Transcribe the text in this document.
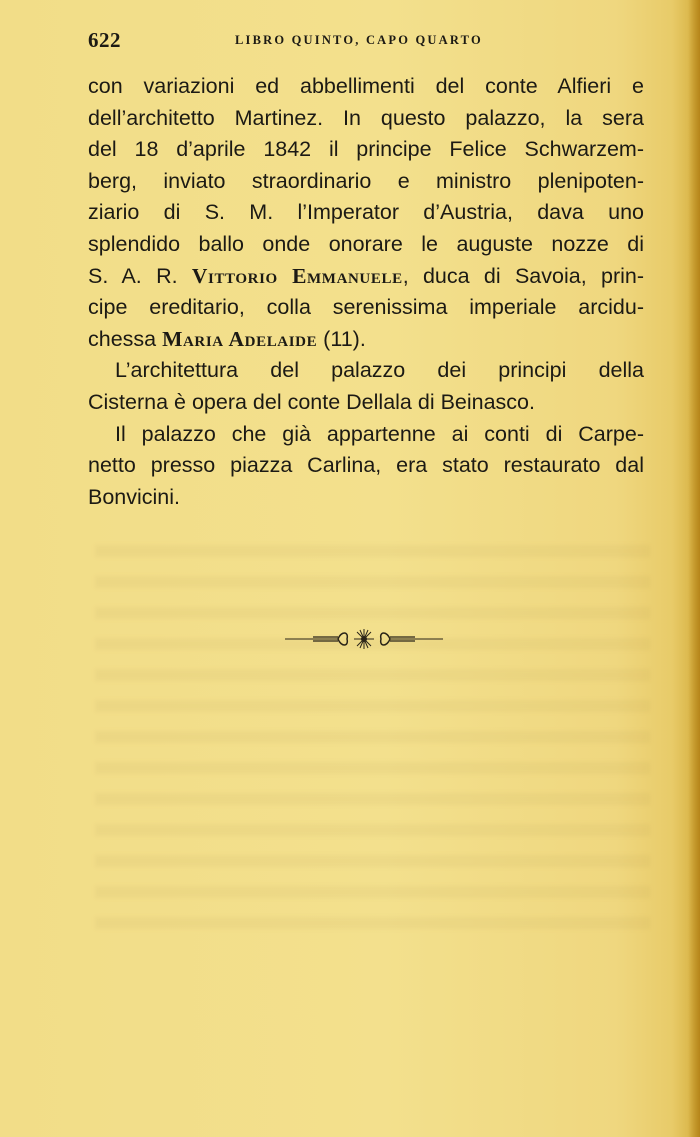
622	LIBRO QUINTO, CAPO QUARTO
con variazioni ed abbellimenti del conte Alfieri e
dell’architetto Martinez. In questo palazzo, la sera
del 18 d’aprile 1842 il principe Felice Schwarzem-
berg, inviato straordinario e ministro plenipoten-
ziario di S. M. l’Imperator d’Austria, dava uno
splendido ballo onde onorare le auguste nozze di
S. A. R. Vittorio Emmanuele, duca di Savoia, prin-
cipe ereditario, colla serenissima imperiale arcidu-
chessa Maria Adelaide (11).
L’architettura del palazzo dei principi della
Cisterna è opera del conte Dellala di Beinasco.
Il palazzo che già appartenne ai conti di Carpe-
netto presso piazza Carlina, era stato restaurato dal
Bonvicini.
